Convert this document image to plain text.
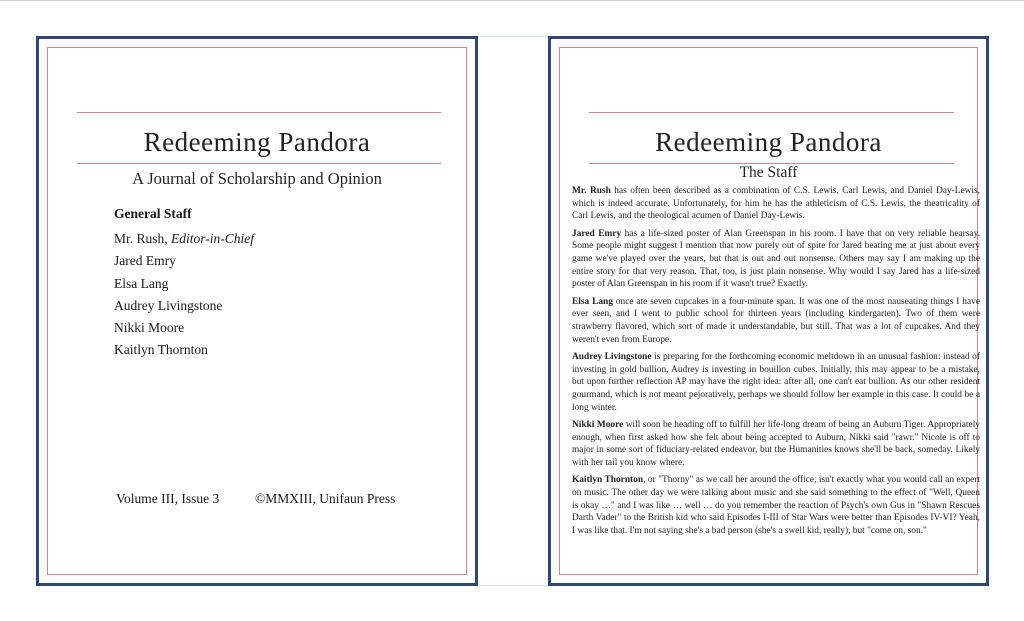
Redeeming Pandora
A Journal of Scholarship and Opinion
General Staff
Mr. Rush, Editor-in-Chief
Jared Emry
Elsa Lang
Audrey Livingstone
Nikki Moore
Kaitlyn Thornton
Volume III, Issue 3	©MMXIII, Unifaun Press
Redeeming Pandora
The Staff

Mr. Rush has often been described as a combination of C.S. Lewis, Carl Lewis, and Daniel Day-Lewis, which is indeed accurate. Unfortunately, for him he has the athleticism of C.S. Lewis, the theatricality of Carl Lewis, and the theological acumen of Daniel Day-Lewis.

Jared Emry has a life-sized poster of Alan Greenspan in his room. I have that on very reliable hearsay. Some people might suggest I mention that now purely out of spite for Jared beating me at just about every game we've played over the years, but that is out and out nonsense. Others may say I am making up the entire story for that very reason. That, too, is just plain nonsense. Why would I say Jared has a life-sized poster of Alan Greenspan in his room if it wasn't true? Exactly.

Elsa Lang once ate seven cupcakes in a four-minute span. It was one of the most nauseating things I have ever seen, and I went to public school for thirteen years (including kindergarten). Two of them were strawberry flavored, which sort of made it understandable, but still. That was a lot of cupcakes. And they weren't even from Europe.

Audrey Livingstone is preparing for the forthcoming economic meltdown in an unusual fashion: instead of investing in gold bullion, Audrey is investing in bouillon cubes. Initially, this may appear to be a mistake, but upon further reflection AP may have the right idea: after all, one can't eat bullion. As our other resident gourmand, which is not meant pejoratively, perhaps we should follow her example in this case. It could be a long winter.

Nikki Moore will soon be heading off to fulfill her life-long dream of being an Auburn Tiger. Appropriately enough, when first asked how she felt about being accepted to Auburn, Nikki said "rawr." Nicole is off to major in some sort of fiduciary-related endeavor, but the Humanities knows she'll be back, someday. Likely with her tail you know where.

Kaitlyn Thornton, or "Thorny" as we call her around the office, isn't exactly what you would call an expert on music. The other day we were talking about music and she said something to the effect of "Well, Queen is okay …" and I was like … well … do you remember the reaction of Psych's own Gus in "Shawn Rescues Darth Vader" to the British kid who said Episodes I-III of Star Wars were better than Episodes IV-VI? Yeah, I was like that. I'm not saying she's a bad person (she's a swell kid, really), but "come on, son."
